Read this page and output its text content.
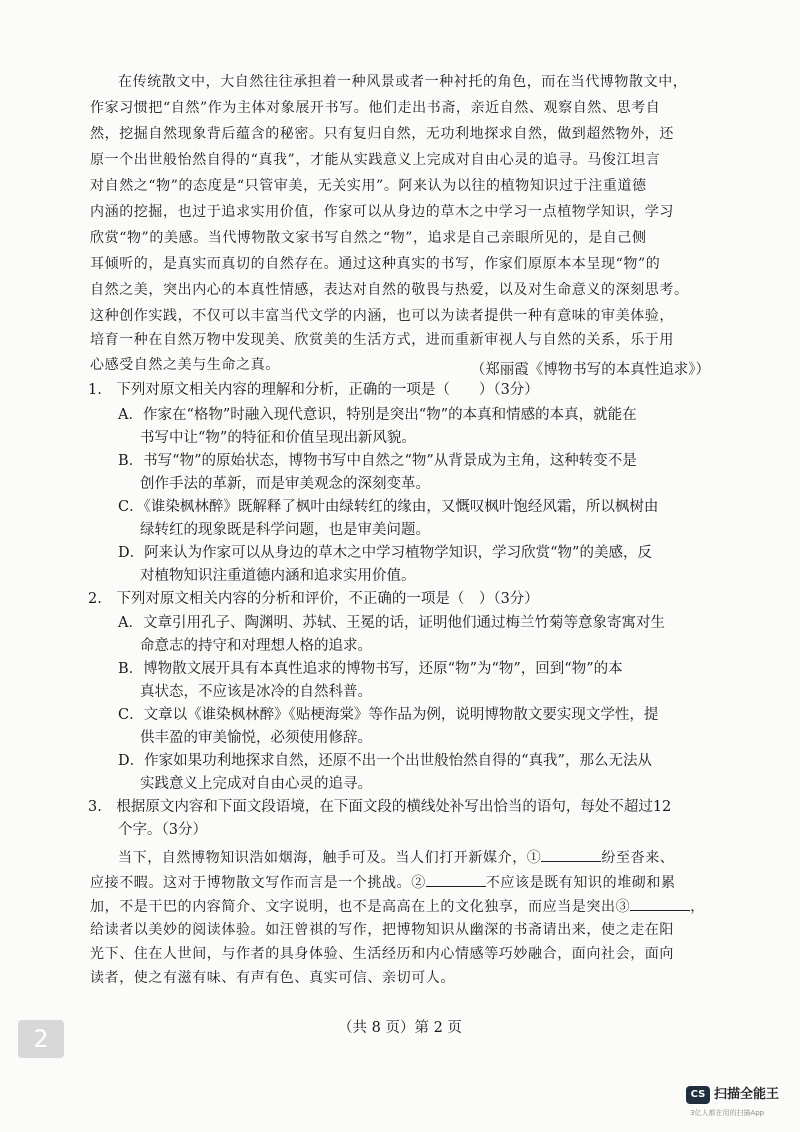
在传统散文中，大自然往往承担着一种风景或者一种衬托的角色，而在当代博物散文中，
作家习惯把“自然”作为主体对象展开书写。他们走出书斋，亲近自然、观察自然、思考自
然，挖掘自然现象背后蕴含的秘密。只有复归自然，无功利地探求自然，做到超然物外，还
原一个出世般怡然自得的“真我”，才能从实践意义上完成对自由心灵的追寻。马俊江坦言
对自然之“物”的态度是“只管审美，无关实用”。阿来认为以往的植物知识过于注重道德
内涵的挖掘，也过于追求实用价值，作家可以从身边的草木之中学习一点植物学知识，学习
欣赏“物”的美感。当代博物散文家书写自然之“物”，追求是自己亲眼所见的，是自己侧
耳倾听的，是真实而真切的自然存在。通过这种真实的书写，作家们原原本本呈现“物”的
自然之美，突出内心的本真性情感，表达对自然的敬畏与热爱，以及对生命意义的深刻思考。
这种创作实践，不仅可以丰富当代文学的内涵，也可以为读者提供一种有意味的审美体验，
培育一种在自然万物中发现美、欣赏美的生活方式，进而重新审视人与自然的关系，乐于用
心感受自然之美与生命之真。	（郑丽霞《博物书写的本真性追求》）
1.　下列对原文相关内容的理解和分析，正确的一项是（　　）（3分）
A．作家在“格物”时融入现代意识，特别是突出“物”的本真和情感的本真，就能在
书写中让“物”的特征和价值呈现出新风貌。
B．书写“物”的原始状态，博物书写中自然之“物”从背景成为主角，这种转变不是
创作手法的革新，而是审美观念的深刻变革。
C．《谁染枫林醉》既解释了枫叶由绿转红的缘由，又慨叹枫叶饱经风霜，所以枫树由
绿转红的现象既是科学问题，也是审美问题。
D．阿来认为作家可以从身边的草木之中学习植物学知识，学习欣赏“物”的美感，反
对植物知识注重道德内涵和追求实用价值。
2.　下列对原文相关内容的分析和评价，不正确的一项是（　）（3分）
A．文章引用孔子、陶渊明、苏轼、王冕的话，证明他们通过梅兰竹菊等意象寄寓对生
命意志的持守和对理想人格的追求。
B．博物散文展开具有本真性追求的博物书写，还原“物”为“物”，回到“物”的本
真状态，不应该是冰冷的自然科普。
C．文章以《谁染枫林醉》《贴梗海棠》等作品为例，说明博物散文要实现文学性，提
供丰盈的审美愉悦，必须使用修辞。
D．作家如果功利地探求自然，还原不出一个出世般怡然自得的“真我”，那么无法从
实践意义上完成对自由心灵的追寻。
3.　根据原文内容和下面文段语境，在下面文段的横线处补写出恰当的语句，每处不超过12
个字。（3分）
当下，自然博物知识浩如烟海，触手可及。当人们打开新媒介，①	纷至沓来、
应接不暇。这对于博物散文写作而言是一个挑战。②	不应该是既有知识的堆砌和累
加，不是干巴的内容简介、文字说明，也不是高高在上的文化独享，而应当是突出③	，
给读者以美妙的阅读体验。如汪曾祺的写作，把博物知识从幽深的书斋请出来，使之走在阳
光下、住在人世间，与作者的具身体验、生活经历和内心情感等巧妙融合，面向社会，面向
读者，使之有滋有味、有声有色、真实可信、亲切可人。
（共 8 页）第 2 页
2
CS 扫描全能王
3亿人都在用的扫描App
